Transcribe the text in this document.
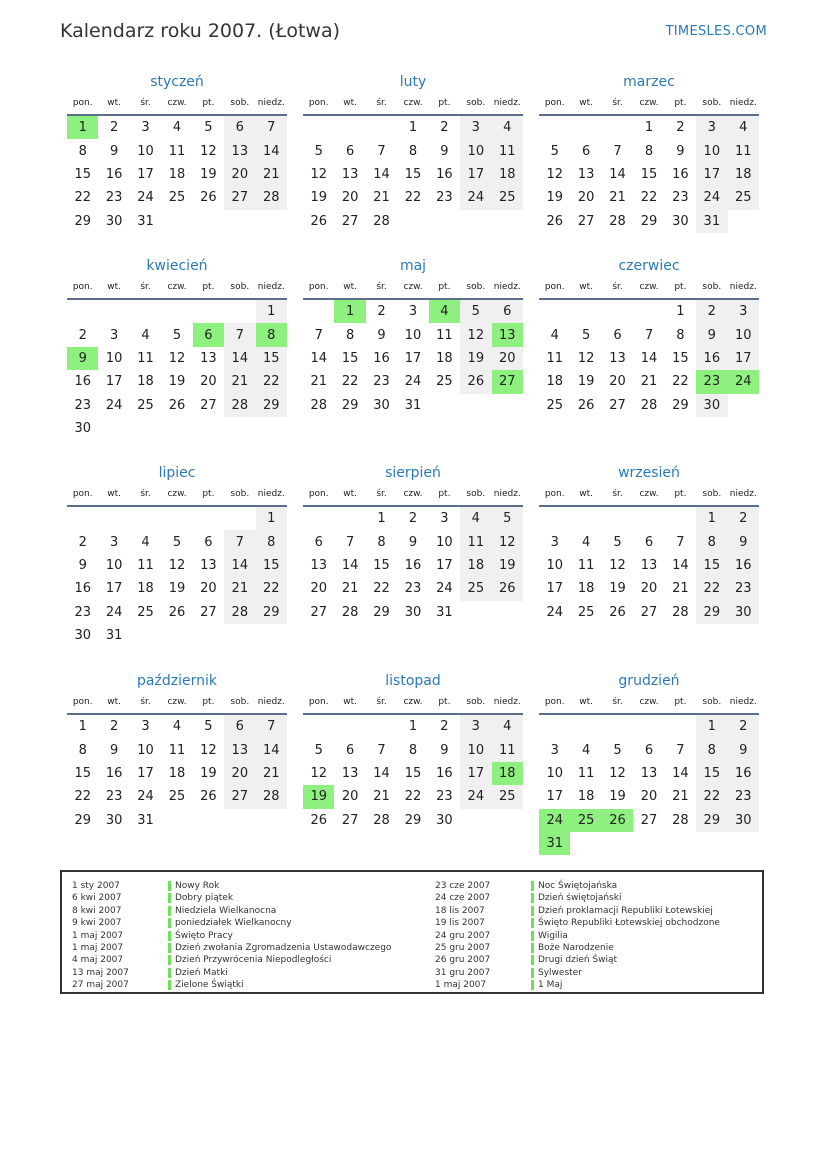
Kalendarz roku 2007. (Łotwa)	TIMESLES.COM
styczeń
pon.	wt.	śr.	czw.	pt.	sob.	niedz.
1	2	3	4	5	6	7
8	9	10	11	12	13	14
15	16	17	18	19	20	21
22	23	24	25	26	27	28
29	30	31				
luty
pon.	wt.	śr.	czw.	pt.	sob.	niedz.
			1	2	3	4
5	6	7	8	9	10	11
12	13	14	15	16	17	18
19	20	21	22	23	24	25
26	27	28				
marzec
pon.	wt.	śr.	czw.	pt.	sob.	niedz.
			1	2	3	4
5	6	7	8	9	10	11
12	13	14	15	16	17	18
19	20	21	22	23	24	25
26	27	28	29	30	31	
kwiecień
pon.	wt.	śr.	czw.	pt.	sob.	niedz.
						1
2	3	4	5	6	7	8
9	10	11	12	13	14	15
16	17	18	19	20	21	22
23	24	25	26	27	28	29
30						
maj
pon.	wt.	śr.	czw.	pt.	sob.	niedz.
	1	2	3	4	5	6
7	8	9	10	11	12	13
14	15	16	17	18	19	20
21	22	23	24	25	26	27
28	29	30	31			
czerwiec
pon.	wt.	śr.	czw.	pt.	sob.	niedz.
				1	2	3
4	5	6	7	8	9	10
11	12	13	14	15	16	17
18	19	20	21	22	23	24
25	26	27	28	29	30	
lipiec
pon.	wt.	śr.	czw.	pt.	sob.	niedz.
						1
2	3	4	5	6	7	8
9	10	11	12	13	14	15
16	17	18	19	20	21	22
23	24	25	26	27	28	29
30	31					
sierpień
pon.	wt.	śr.	czw.	pt.	sob.	niedz.
		1	2	3	4	5
6	7	8	9	10	11	12
13	14	15	16	17	18	19
20	21	22	23	24	25	26
27	28	29	30	31		
wrzesień
pon.	wt.	śr.	czw.	pt.	sob.	niedz.
					1	2
3	4	5	6	7	8	9
10	11	12	13	14	15	16
17	18	19	20	21	22	23
24	25	26	27	28	29	30
październik
pon.	wt.	śr.	czw.	pt.	sob.	niedz.
1	2	3	4	5	6	7
8	9	10	11	12	13	14
15	16	17	18	19	20	21
22	23	24	25	26	27	28
29	30	31				
listopad
pon.	wt.	śr.	czw.	pt.	sob.	niedz.
			1	2	3	4
5	6	7	8	9	10	11
12	13	14	15	16	17	18
19	20	21	22	23	24	25
26	27	28	29	30		
grudzień
pon.	wt.	śr.	czw.	pt.	sob.	niedz.
					1	2
3	4	5	6	7	8	9
10	11	12	13	14	15	16
17	18	19	20	21	22	23
24	25	26	27	28	29	30
31						
1 sty 2007	Nowy Rok
6 kwi 2007	Dobry piątek
8 kwi 2007	Niedziela Wielkanocna
9 kwi 2007	poniedziałek Wielkanocny
1 maj 2007	Święto Pracy
1 maj 2007	Dzień zwołania Zgromadzenia Ustawodawczego
4 maj 2007	Dzień Przywrócenia Niepodległości
13 maj 2007	Dzień Matki
27 maj 2007	Zielone Świątki
23 cze 2007	Noc Świętojańska
24 cze 2007	Dzień świętojański
18 lis 2007	Dzień proklamacji Republiki Łotewskiej
19 lis 2007	Święto Republiki Łotewskiej obchodzone
24 gru 2007	Wigilia
25 gru 2007	Boże Narodzenie
26 gru 2007	Drugi dzień Świąt
31 gru 2007	Sylwester
1 maj 2007	1 Maj
